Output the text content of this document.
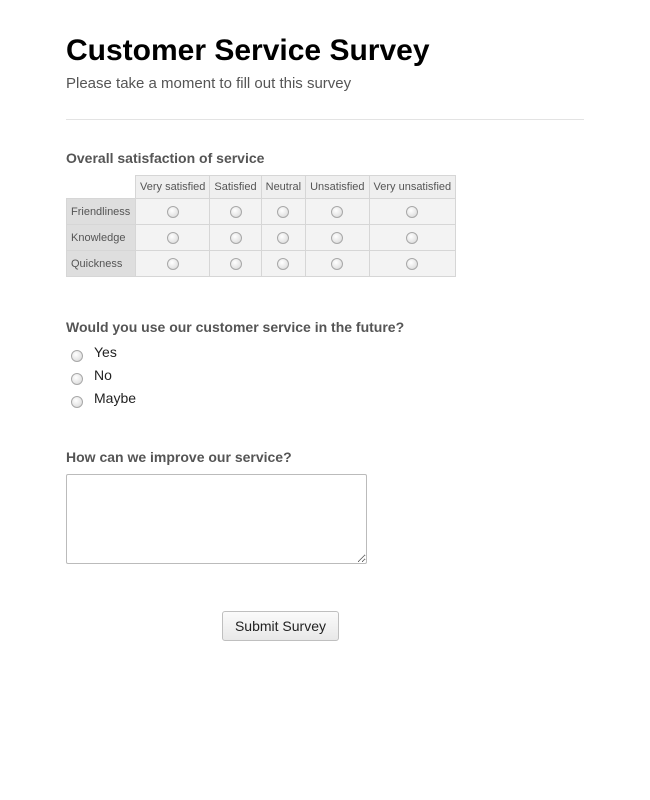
Customer Service Survey
Please take a moment to fill out this survey
Overall satisfaction of service
	Very satisfied	Satisfied	Neutral	Unsatisfied	Very unsatisfied
Friendliness					
Knowledge					
Quickness					
Would you use our customer service in the future?
Yes
No
Maybe
How can we improve our service?
Submit Survey
